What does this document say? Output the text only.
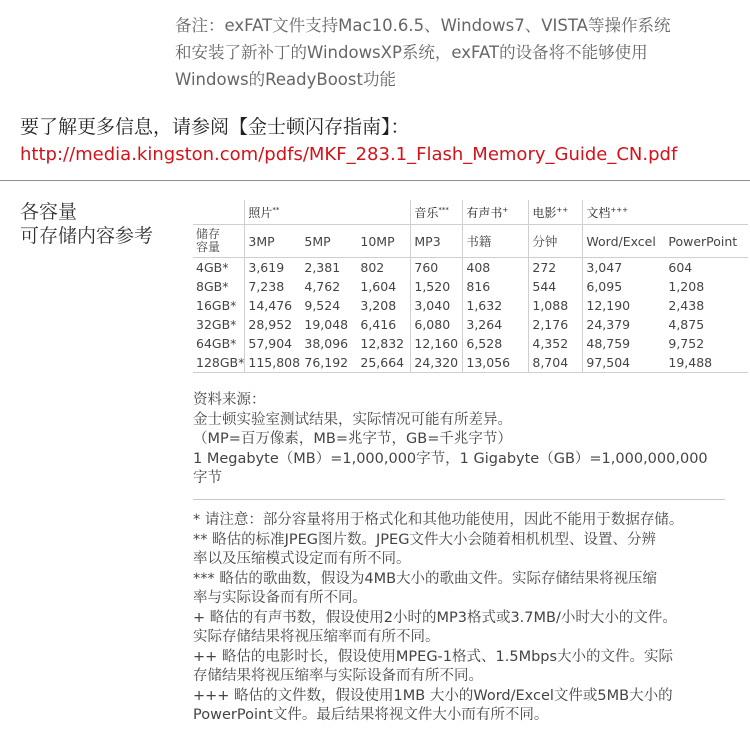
备注：exFAT文件支持Mac10.6.5、Windows7、VISTA等操作系统
和安装了新补丁的WindowsXP系统，exFAT的设备将不能够使用
Windows的ReadyBoost功能
要了解更多信息，请参阅【金士顿闪存指南】：
http://media.kingston.com/pdfs/MKF_283.1_Flash_Memory_Guide_CN.pdf
各容量
可存储内容参考
	照片**			音乐***	有声书+	电影++	文档+++
储存
容量	3MP	5MP	10MP	MP3	书籍	分钟	Word/Excel	PowerPoint
4GB*	3,619	2,381	802	760	408	272	3,047	604
8GB*	7,238	4,762	1,604	1,520	816	544	6,095	1,208
16GB*	14,476	9,524	3,208	3,040	1,632	1,088	12,190	2,438
32GB*	28,952	19,048	6,416	6,080	3,264	2,176	24,379	4,875
64GB*	57,904	38,096	12,832	12,160	6,528	4,352	48,759	9,752
128GB*	115,808	76,192	25,664	24,320	13,056	8,704	97,504	19,488
资料来源：
金士顿实验室测试结果，实际情况可能有所差异。
（MP=百万像素，MB=兆字节，GB=千兆字节）
1 Megabyte（MB）=1,000,000字节，1 Gigabyte（GB）=1,000,000,000
字节
* 请注意：部分容量将用于格式化和其他功能使用，因此不能用于数据存储。
** 略估的标准JPEG图片数。JPEG文件大小会随着相机机型、设置、分辨
率以及压缩模式设定而有所不同。
*** 略估的歌曲数，假设为4MB大小的歌曲文件。实际存储结果将视压缩
率与实际设备而有所不同。
+ 略估的有声书数，假设使用2小时的MP3格式或3.7MB/小时大小的文件。
实际存储结果将视压缩率而有所不同。
++ 略估的电影时长，假设使用MPEG-1格式、1.5Mbps大小的文件。实际
存储结果将视压缩率与实际设备而有所不同。
+++ 略估的文件数，假设使用1MB 大小的Word/Excel文件或5MB大小的
PowerPoint文件。最后结果将视文件大小而有所不同。
